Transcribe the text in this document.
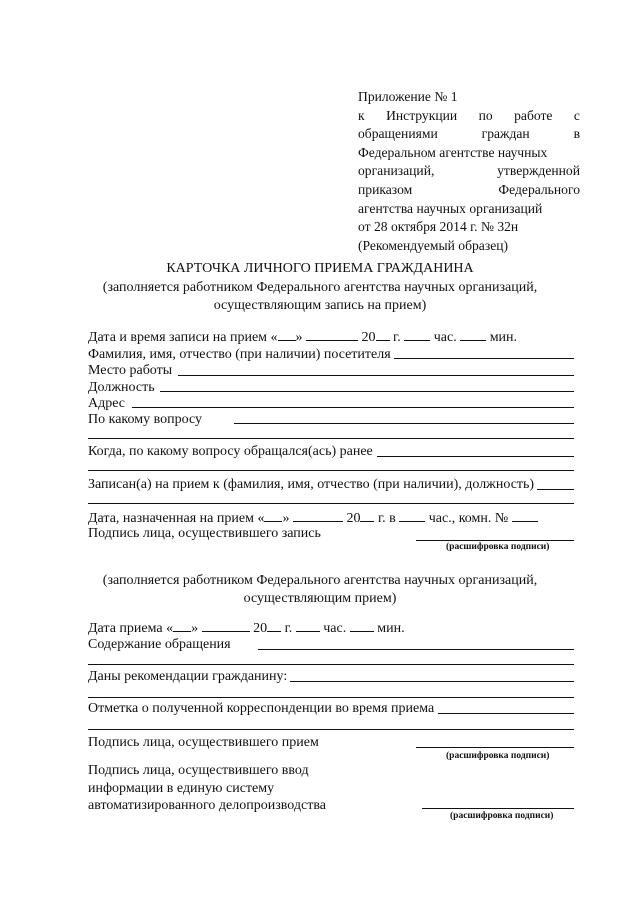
Приложение № 1
к Инструкции по работе с
обращениями	граждан	в
Федеральном агентстве научных
организаций,	утвержденной
приказом	Федерального
агентства научных организаций
от 28 октября 2014 г. № 32н
(Рекомендуемый образец)
КАРТОЧКА ЛИЧНОГО ПРИЕМА ГРАЖДАНИНА
(заполняется работником Федерального агентства научных организаций,
осуществляющим запись на прием)
Дата и время записи на прием « »	20 г. час. мин.
Фамилия, имя, отчество (при наличии) посетителя
Место работы
Должность
Адрес
По какому вопросу
Когда, по какому вопросу обращался(ась) ранее
Записан(а) на прием к (фамилия, имя, отчество (при наличии), должность)
Дата, назначенная на прием « »	20 г. в час., комн. №
Подпись лица, осуществившего запись
(расшифровка подписи)
(заполняется работником Федерального агентства научных организаций,
осуществляющим прием)
Дата приема « »	20 г. час. мин.
Содержание обращения
Даны рекомендации гражданину:
Отметка о полученной корреспонденции во время приема
Подпись лица, осуществившего прием
(расшифровка подписи)
Подпись лица, осуществившего ввод
информации в единую систему
автоматизированного делопроизводства
(расшифровка подписи)
